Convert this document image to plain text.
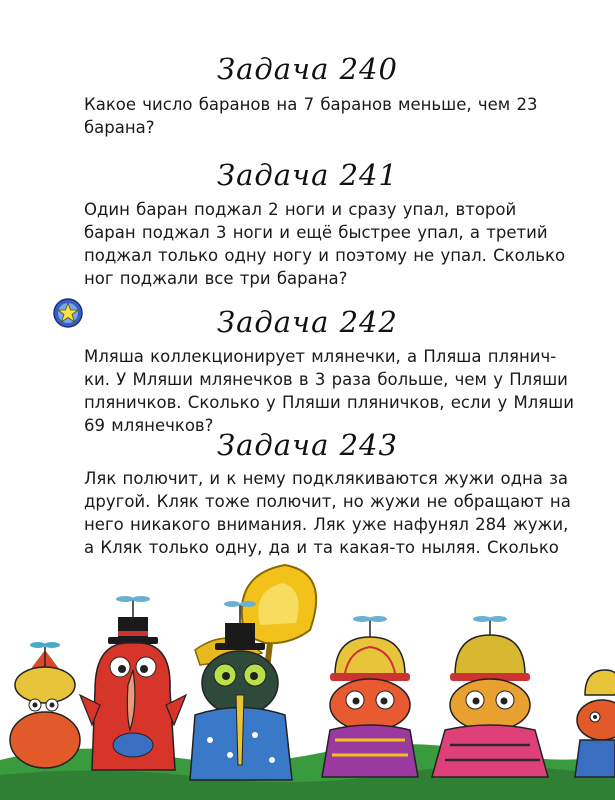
Задача 240
Какое число баранов на 7 баранов меньше, чем 23
барана?
Задача 241
Один баран поджал 2 ноги и сразу упал, второй
баран поджал 3 ноги и ещё быстрее упал, а третий
поджал только одну ногу и поэтому не упал. Сколько
ног поджали все три барана?
Задача 242
Мляша коллекционирует млянечки, а Пляша плянич-
ки. У Мляши млянечков в 3 раза больше, чем у Пляши
пляничков. Сколько у Пляши пляничков, если у Мляши
69 млянечков?
Задача 243
Ляк полючит, и к нему подклякиваются жужи одна за
другой. Кляк тоже полючит, но жужи не обращают на
него никакого внимания. Ляк уже нафунял 284 жужи,
а Кляк только одну, да и та какая-то ныляя. Сколько
